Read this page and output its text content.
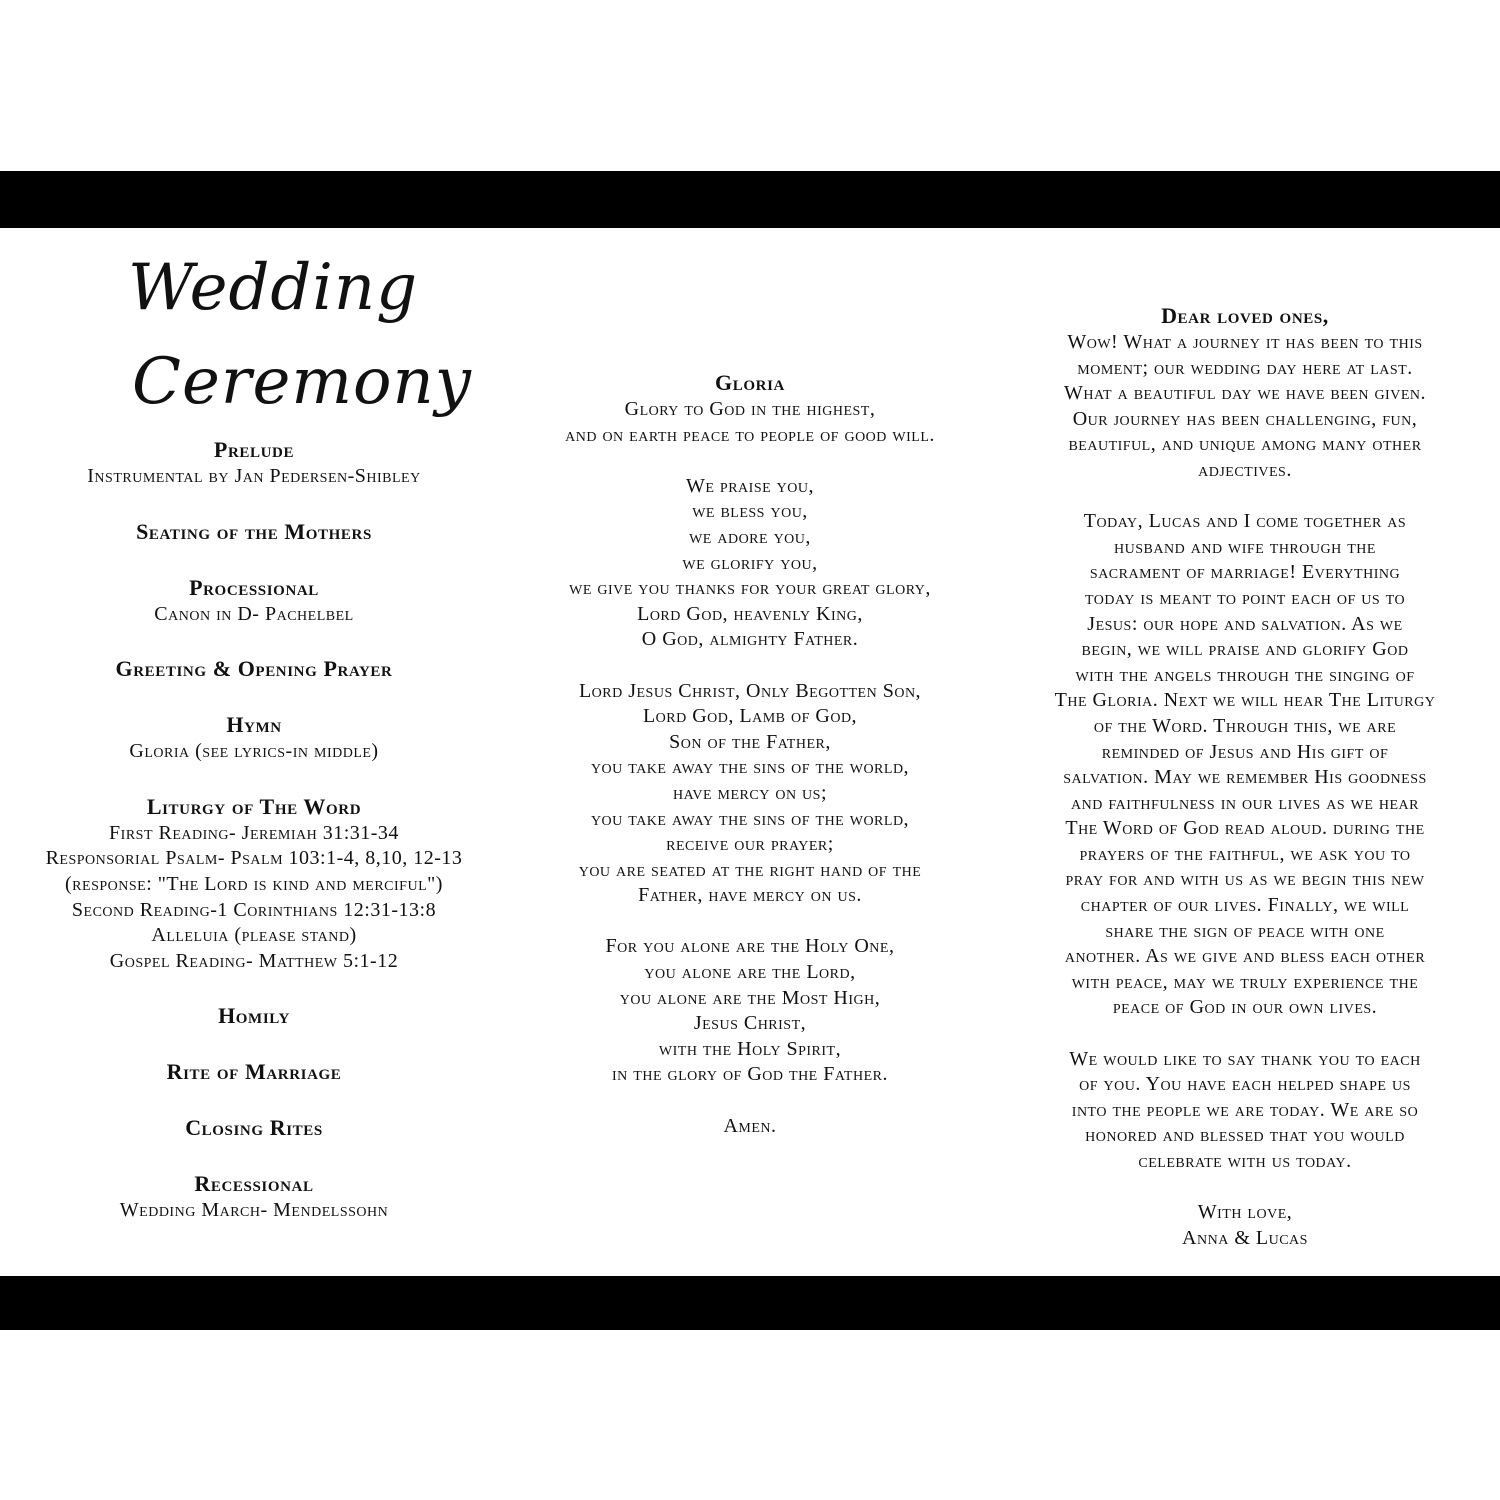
Wedding
Ceremony

Prelude

Instrumental by Jan Pedersen-Shibley

Seating of the Mothers

Processional

Canon in D- Pachelbel

Greeting & Opening Prayer

Hymn

Gloria (see lyrics-in middle)

Liturgy of The Word

First Reading- Jeremiah 31:31-34

Responsorial Psalm- Psalm 103:1-4, 8,10, 12-13

(response: "The Lord is kind and merciful")

Second Reading-1 Corinthians 12:31-13:8

Alleluia (please stand)

Gospel Reading- Matthew 5:1-12

Homily

Rite of Marriage

Closing Rites

Recessional

Wedding March- Mendelssohn

Gloria

Glory to God in the highest,

and on earth peace to people of good will.

We praise you,

we bless you,

we adore you,

we glorify you,

we give you thanks for your great glory,

Lord God, heavenly King,

O God, almighty Father.

Lord Jesus Christ, Only Begotten Son,

Lord God, Lamb of God,

Son of the Father,

you take away the sins of the world,

have mercy on us;

you take away the sins of the world,

receive our prayer;

you are seated at the right hand of the

Father, have mercy on us.

For you alone are the Holy One,

you alone are the Lord,

you alone are the Most High,

Jesus Christ,

with the Holy Spirit,

in the glory of God the Father.

Amen.

Dear loved ones,

Wow! What a journey it has been to this

moment; our wedding day here at last.

What a beautiful day we have been given.

Our journey has been challenging, fun,

beautiful, and unique among many other

adjectives.

Today, Lucas and I come together as

husband and wife through the

sacrament of marriage! Everything

today is meant to point each of us to

Jesus: our hope and salvation. As we

begin, we will praise and glorify God

with the angels through the singing of

The Gloria. Next we will hear The Liturgy

of the Word. Through this, we are

reminded of Jesus and His gift of

salvation. May we remember His goodness

and faithfulness in our lives as we hear

The Word of God read aloud. during the

prayers of the faithful, we ask you to

pray for and with us as we begin this new

chapter of our lives. Finally, we will

share the sign of peace with one

another. As we give and bless each other

with peace, may we truly experience the

peace of God in our own lives.

We would like to say thank you to each

of you. You have each helped shape us

into the people we are today. We are so

honored and blessed that you would

celebrate with us today.

With love,

Anna & Lucas
